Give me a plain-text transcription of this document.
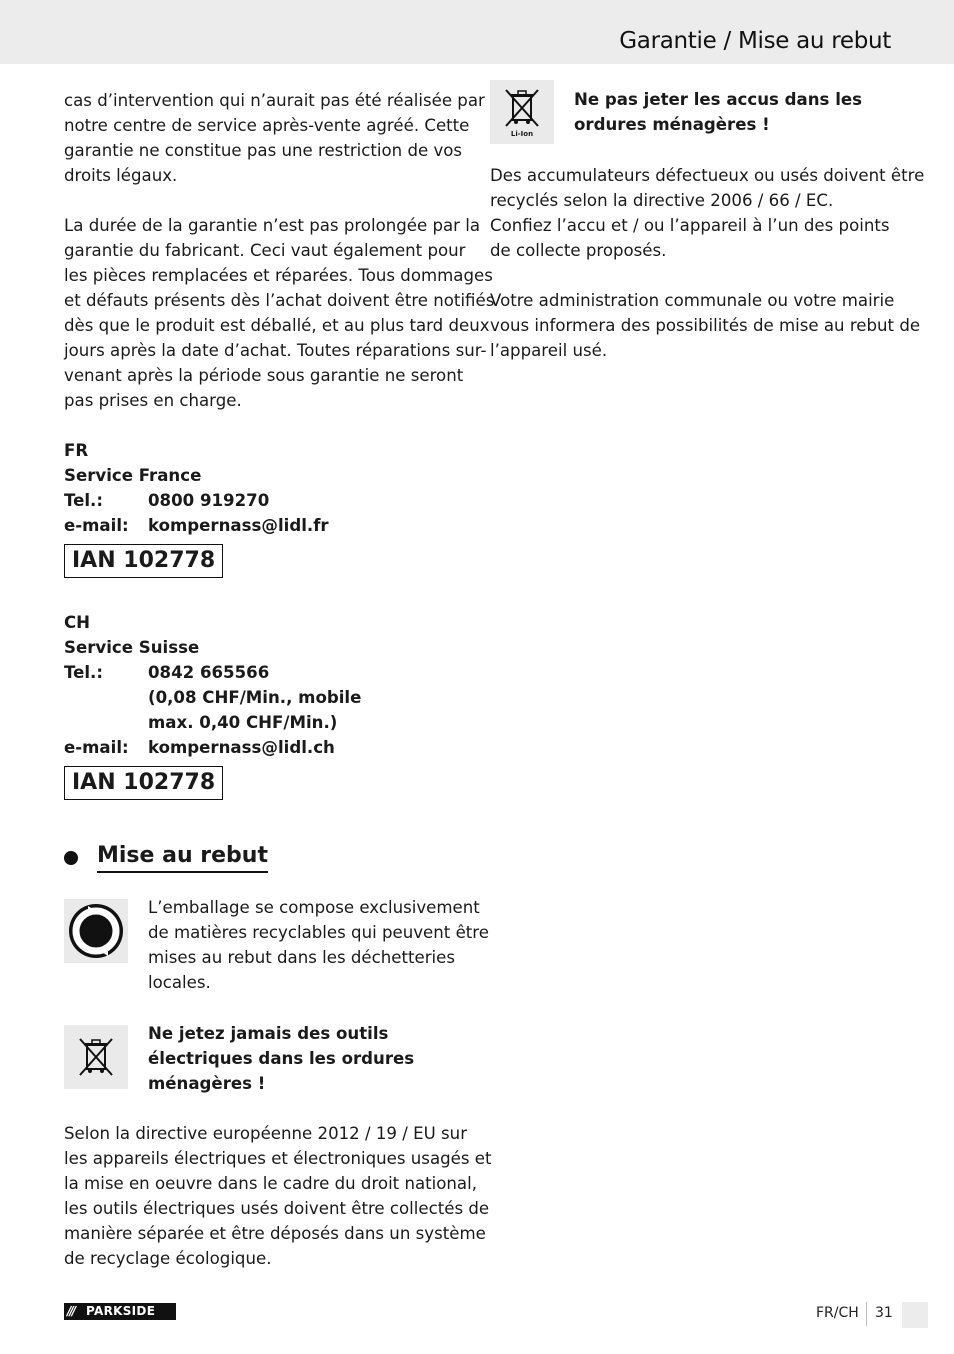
Garantie / Mise au rebut
cas d’intervention qui n’aurait pas été réalisée par
notre centre de service après-vente agréé. Cette
garantie ne constitue pas une restriction de vos
droits légaux.
La durée de la garantie n’est pas prolongée par la
garantie du fabricant. Ceci vaut également pour
les pièces remplacées et réparées. Tous dommages
et défauts présents dès l’achat doivent être notifiés
dès que le produit est déballé, et au plus tard deux
jours après la date d’achat. Toutes réparations sur-
venant après la période sous garantie ne seront
pas prises en charge.
FR
Service France
Tel.:	0800 919270
e-mail:	kompernass@lidl.fr
IAN 102778
CH
Service Suisse
Tel.:	0842 665566
(0,08 CHF/Min., mobile
max. 0,40 CHF/Min.)
e-mail:	kompernass@lidl.ch
IAN 102778
Mise au rebut
L’emballage se compose exclusivement
de matières recyclables qui peuvent être
mises au rebut dans les déchetteries
locales.
Ne jetez jamais des outils
électriques dans les ordures
ménagères !
Selon la directive européenne 2012 / 19 / EU sur
les appareils électriques et électroniques usagés et
la mise en oeuvre dans le cadre du droit national,
les outils électriques usés doivent être collectés de
manière séparée et être déposés dans un système
de recyclage écologique.
Li-Ion
Ne pas jeter les accus dans les
ordures ménagères !
Des accumulateurs défectueux ou usés doivent être
recyclés selon la directive 2006 / 66 / EC.
Confiez l’accu et / ou l’appareil à l’un des points
de collecte proposés.
Votre administration communale ou votre mairie
vous informera des possibilités de mise au rebut de
l’appareil usé.
/// PARKSIDE	FR/CH 31
